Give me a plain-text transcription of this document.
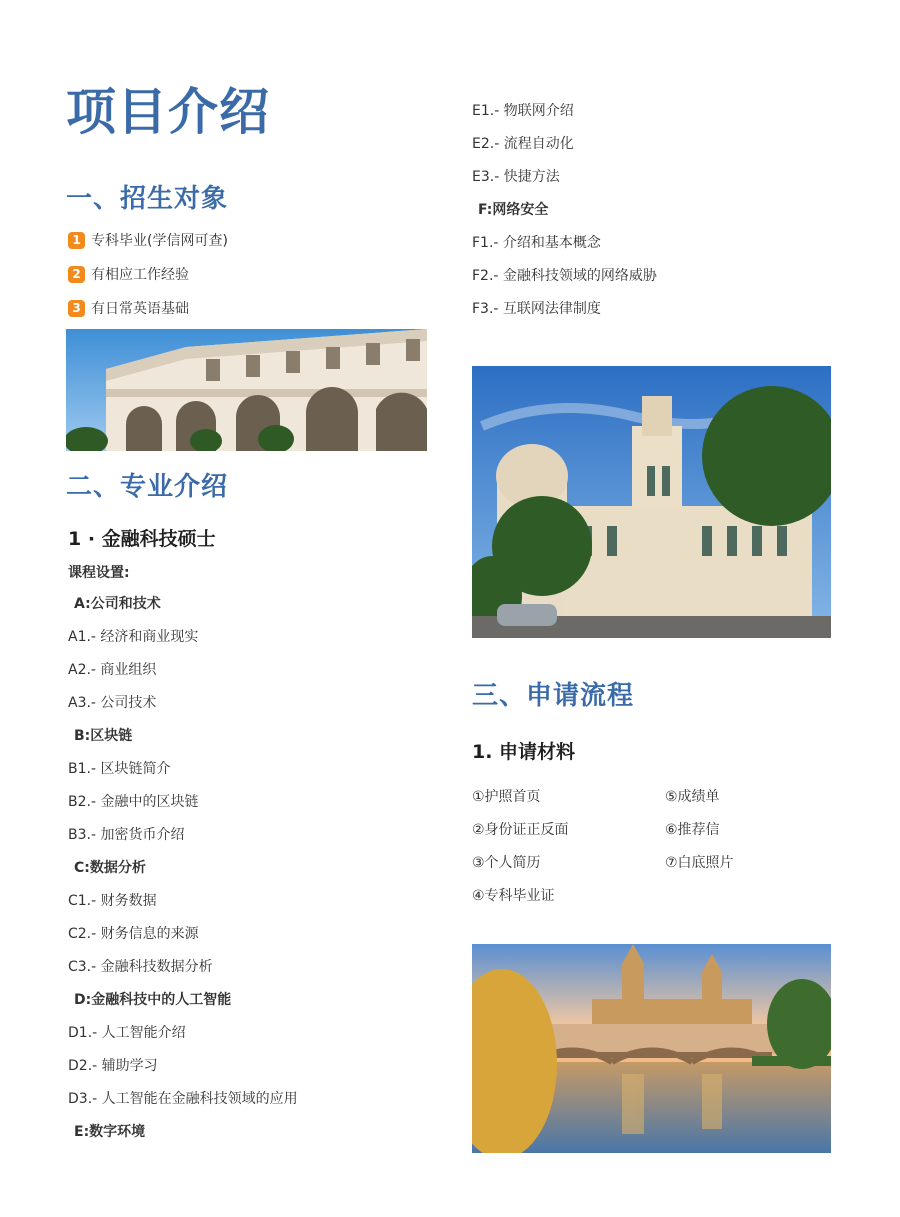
项目介绍
一、招生对象
1 专科毕业(学信网可查)
2 有相应工作经验
3 有日常英语基础
二、专业介绍
1 · 金融科技硕士
课程设置:
A:公司和技术
A1.- 经济和商业现实
A2.- 商业组织
A3.- 公司技术
B:区块链
B1.- 区块链简介
B2.- 金融中的区块链
B3.- 加密货币介绍
C:数据分析
C1.- 财务数据
C2.- 财务信息的来源
C3.- 金融科技数据分析
D:金融科技中的人工智能
D1.- 人工智能介绍
D2.- 辅助学习
D3.- 人工智能在金融科技领域的应用
E:数字环境
E1.- 物联网介绍
E2.- 流程自动化
E3.- 快捷方法
F:网络安全
F1.- 介绍和基本概念
F2.- 金融科技领域的网络威胁
F3.- 互联网法律制度
三、申请流程
1. 申请材料
①护照首页	⑤成绩单
②身份证正反面	⑥推荐信
③个人简历	⑦白底照片
④专科毕业证
